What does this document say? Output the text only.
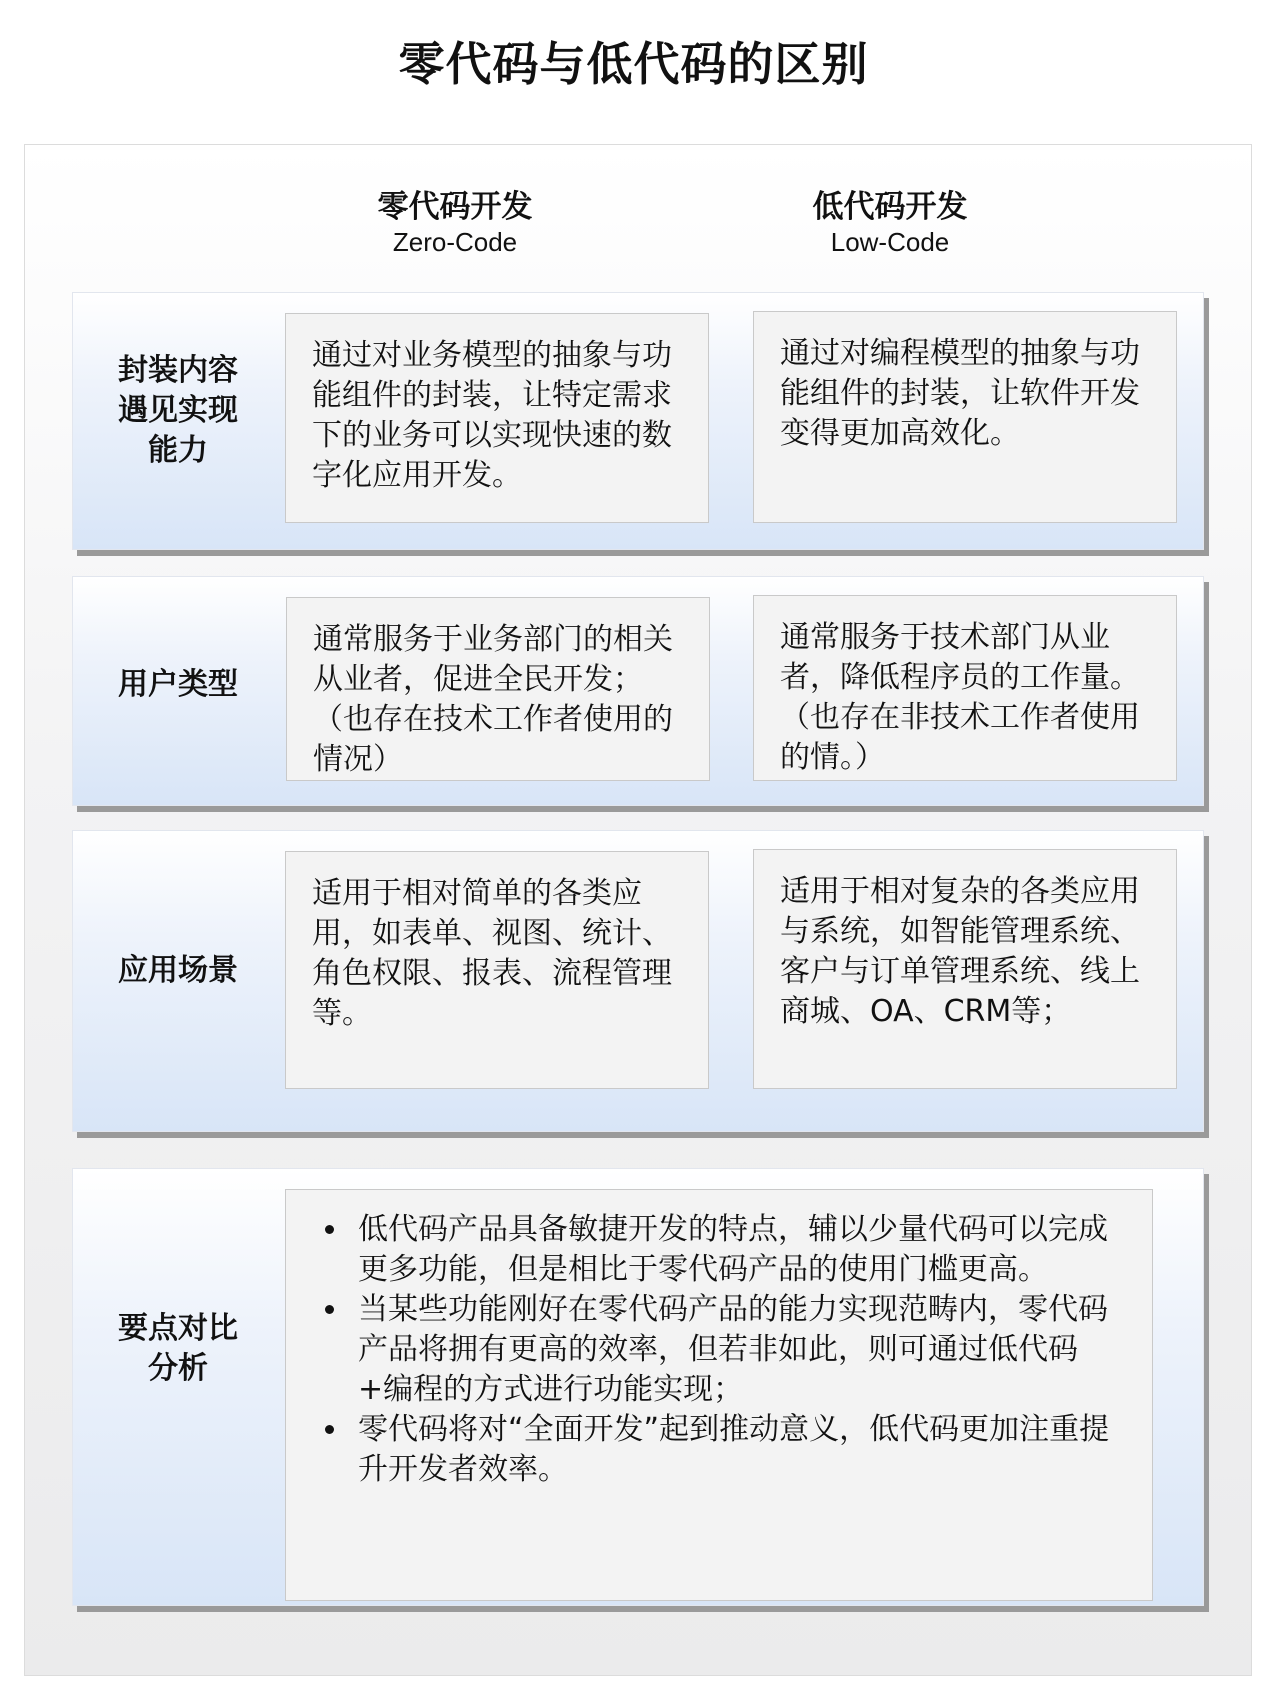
零代码与低代码的区别
零代码开发
Zero-Code
低代码开发
Low-Code
封装内容
遇见实现
能力
通过对业务模型的抽象与功能组件的封装，让特定需求下的业务可以实现快速的数字化应用开发。
通过对编程模型的抽象与功能组件的封装，让软件开发变得更加高效化。
用户类型
通常服务于业务部门的相关从业者，促进全民开发；（也存在技术工作者使用的情况）
通常服务于技术部门从业者，降低程序员的工作量。（也存在非技术工作者使用的情。）
应用场景
适用于相对简单的各类应用，如表单、视图、统计、角色权限、报表、流程管理等。
适用于相对复杂的各类应用与系统，如智能管理系统、客户与订单管理系统、线上商城、OA、CRM等；
要点对比
分析
• 低代码产品具备敏捷开发的特点，辅以少量代码可以完成更多功能，但是相比于零代码产品的使用门槛更高。
• 当某些功能刚好在零代码产品的能力实现范畴内，零代码产品将拥有更高的效率，但若非如此，则可通过低代码+编程的方式进行功能实现；
• 零代码将对“全面开发”起到推动意义，低代码更加注重提升开发者效率。
